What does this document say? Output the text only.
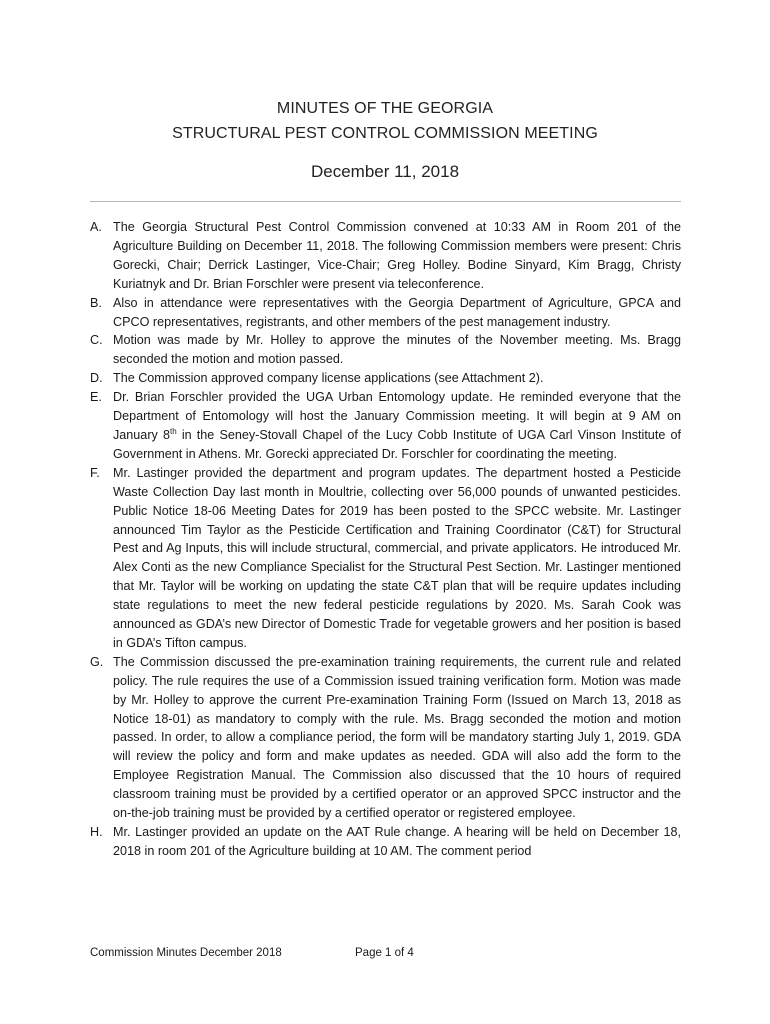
MINUTES OF THE GEORGIA
STRUCTURAL PEST CONTROL COMMISSION MEETING
December 11, 2018
A. The Georgia Structural Pest Control Commission convened at 10:33 AM in Room 201 of the Agriculture Building on December 11, 2018. The following Commission members were present: Chris Gorecki, Chair; Derrick Lastinger, Vice-Chair; Greg Holley. Bodine Sinyard, Kim Bragg, Christy Kuriatnyk and Dr. Brian Forschler were present via teleconference.
B. Also in attendance were representatives with the Georgia Department of Agriculture, GPCA and CPCO representatives, registrants, and other members of the pest management industry.
C. Motion was made by Mr. Holley to approve the minutes of the November meeting. Ms. Bragg seconded the motion and motion passed.
D. The Commission approved company license applications (see Attachment 2).
E. Dr. Brian Forschler provided the UGA Urban Entomology update. He reminded everyone that the Department of Entomology will host the January Commission meeting. It will begin at 9 AM on January 8th in the Seney-Stovall Chapel of the Lucy Cobb Institute of UGA Carl Vinson Institute of Government in Athens. Mr. Gorecki appreciated Dr. Forschler for coordinating the meeting.
F. Mr. Lastinger provided the department and program updates. The department hosted a Pesticide Waste Collection Day last month in Moultrie, collecting over 56,000 pounds of unwanted pesticides. Public Notice 18-06 Meeting Dates for 2019 has been posted to the SPCC website. Mr. Lastinger announced Tim Taylor as the Pesticide Certification and Training Coordinator (C&T) for Structural Pest and Ag Inputs, this will include structural, commercial, and private applicators. He introduced Mr. Alex Conti as the new Compliance Specialist for the Structural Pest Section. Mr. Lastinger mentioned that Mr. Taylor will be working on updating the state C&T plan that will be require updates including state regulations to meet the new federal pesticide regulations by 2020. Ms. Sarah Cook was announced as GDA’s new Director of Domestic Trade for vegetable growers and her position is based in GDA’s Tifton campus.
G. The Commission discussed the pre-examination training requirements, the current rule and related policy. The rule requires the use of a Commission issued training verification form. Motion was made by Mr. Holley to approve the current Pre-examination Training Form (Issued on March 13, 2018 as Notice 18-01) as mandatory to comply with the rule. Ms. Bragg seconded the motion and motion passed. In order, to allow a compliance period, the form will be mandatory starting July 1, 2019. GDA will review the policy and form and make updates as needed. GDA will also add the form to the Employee Registration Manual. The Commission also discussed that the 10 hours of required classroom training must be provided by a certified operator or an approved SPCC instructor and the on-the-job training must be provided by a certified operator or registered employee.
H. Mr. Lastinger provided an update on the AAT Rule change. A hearing will be held on December 18, 2018 in room 201 of the Agriculture building at 10 AM. The comment period
Commission Minutes December 2018	Page 1 of 4
